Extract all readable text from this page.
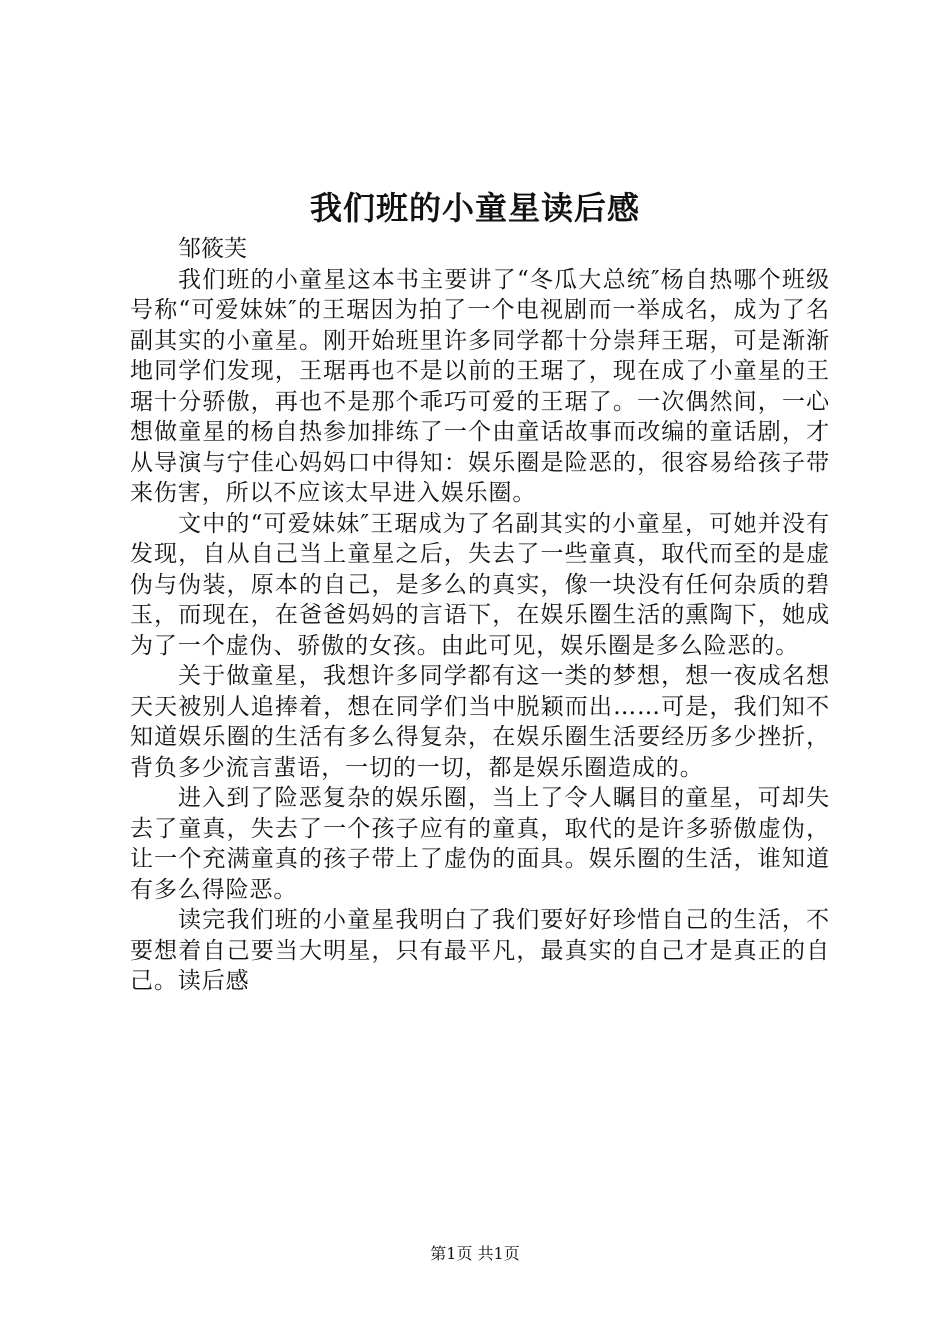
我们班的小童星读后感

邹筱芙

我们班的小童星这本书主要讲了“冬瓜大总统″杨自热哪个班级号称“可爱妹妹″的王琚因为拍了一个电视剧而一举成名，成为了名副其实的小童星。刚开始班里许多同学都十分崇拜王琚，可是渐渐地同学们发现，王琚再也不是以前的王琚了，现在成了小童星的王琚十分骄傲，再也不是那个乖巧可爱的王琚了。一次偶然间，一心想做童星的杨自热参加排练了一个由童话故事而改编的童话剧，才从导演与宁佳心妈妈口中得知：娱乐圈是险恶的，很容易给孩子带来伤害，所以不应该太早进入娱乐圈。

文中的“可爱妹妹″王琚成为了名副其实的小童星，可她并没有发现，自从自己当上童星之后，失去了一些童真，取代而至的是虚伪与伪装，原本的自己，是多么的真实，像一块没有任何杂质的碧玉，而现在，在爸爸妈妈的言语下，在娱乐圈生活的熏陶下，她成为了一个虚伪、骄傲的女孩。由此可见，娱乐圈是多么险恶的。

关于做童星，我想许多同学都有这一类的梦想，想一夜成名想天天被别人追捧着，想在同学们当中脱颖而出……可是，我们知不知道娱乐圈的生活有多么得复杂，在娱乐圈生活要经历多少挫折，背负多少流言蜚语，一切的一切，都是娱乐圈造成的。

进入到了险恶复杂的娱乐圈，当上了令人瞩目的童星，可却失去了童真，失去了一个孩子应有的童真，取代的是许多骄傲虚伪，让一个充满童真的孩子带上了虚伪的面具。娱乐圈的生活，谁知道有多么得险恶。

读完我们班的小童星我明白了我们要好好珍惜自己的生活，不要想着自己要当大明星，只有最平凡，最真实的自己才是真正的自己。读后感

第1页 共1页
